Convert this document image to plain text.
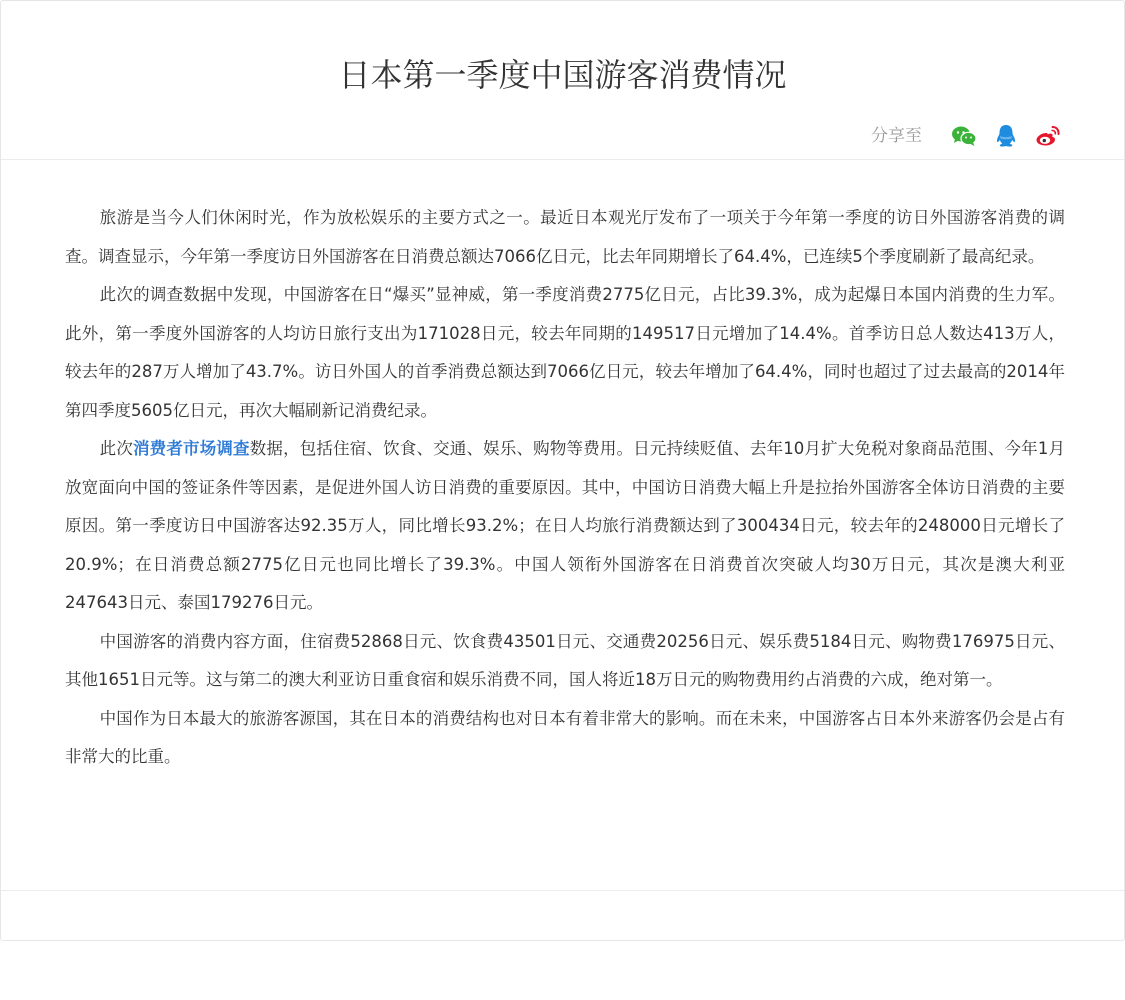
日本第一季度中国游客消费情况
分享至

旅游是当今人们休闲时光，作为放松娱乐的主要方式之一。最近日本观光厅发布了一项关于今年第一季度的访日外国游客消费的调查。调查显示，今年第一季度访日外国游客在日消费总额达7066亿日元，比去年同期增长了64.4%，已连续5个季度刷新了最高纪录。

此次的调查数据中发现，中国游客在日“爆买”显神威，第一季度消费2775亿日元，占比39.3%，成为起爆日本国内消费的生力军。此外，第一季度外国游客的人均访日旅行支出为171028日元，较去年同期的149517日元增加了14.4%。首季访日总人数达413万人，较去年的287万人增加了43.7%。访日外国人的首季消费总额达到7066亿日元，较去年增加了64.4%，同时也超过了过去最高的2014年第四季度5605亿日元，再次大幅刷新记消费纪录。

此次消费者市场调查数据，包括住宿、饮食、交通、娱乐、购物等费用。日元持续贬值、去年10月扩大免税对象商品范围、今年1月放宽面向中国的签证条件等因素，是促进外国人访日消费的重要原因。其中，中国访日消费大幅上升是拉抬外国游客全体访日消费的主要原因。第一季度访日中国游客达92.35万人，同比增长93.2%；在日人均旅行消费额达到了300434日元，较去年的248000日元增长了20.9%；在日消费总额2775亿日元也同比增长了39.3%。中国人领衔外国游客在日消费首次突破人均30万日元，其次是澳大利亚247643日元、泰国179276日元。

中国游客的消费内容方面，住宿费52868日元、饮食费43501日元、交通费20256日元、娱乐费5184日元、购物费176975日元、其他1651日元等。这与第二的澳大利亚访日重食宿和娱乐消费不同，国人将近18万日元的购物费用约占消费的六成，绝对第一。

中国作为日本最大的旅游客源国，其在日本的消费结构也对日本有着非常大的影响。而在未来，中国游客占日本外来游客仍会是占有非常大的比重。
